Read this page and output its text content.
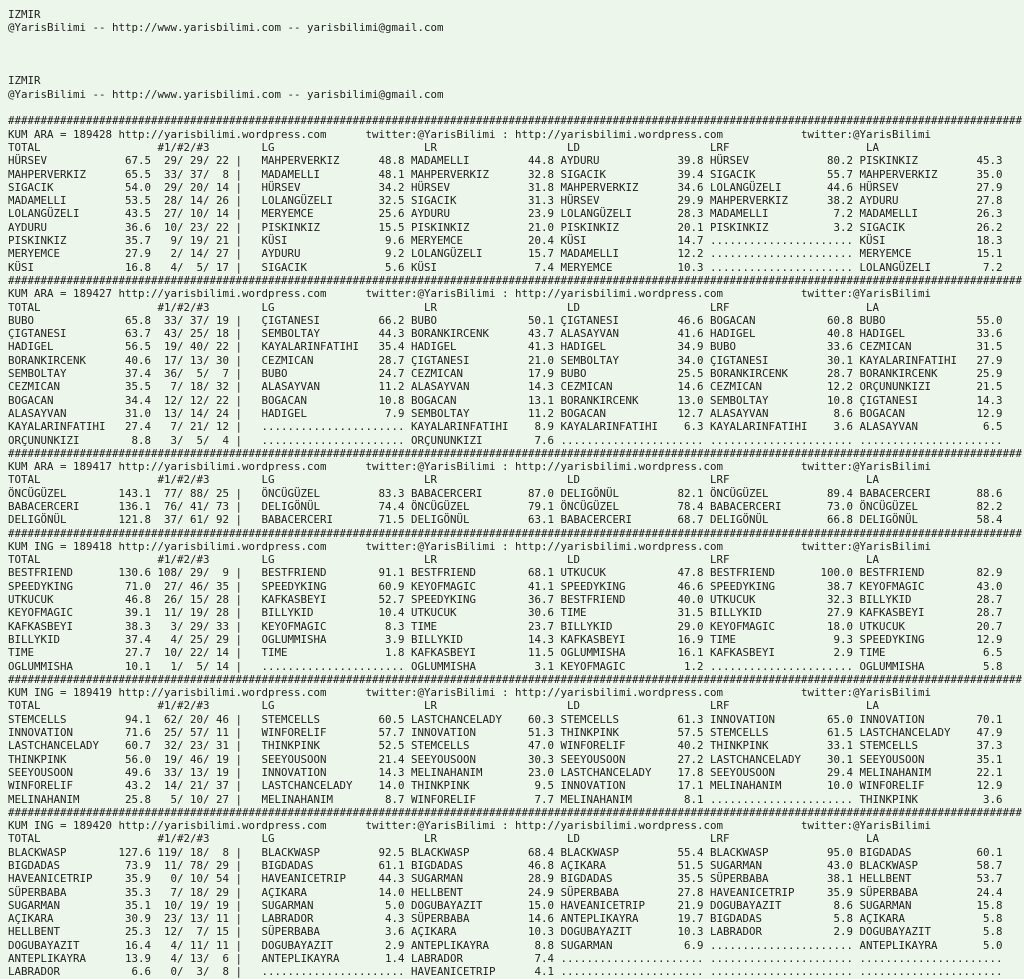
IZMIR
@YarisBilimi -- http://www.yarisbilimi.com -- yarisbilimi@gmail.com
IZMIR
@YarisBilimi -- http://www.yarisbilimi.com -- yarisbilimi@gmail.com
############################################################################################################################################################
KUM ARA = 189428 http://yarisbilimi.wordpress.com      twitter:@YarisBilimi : http://yarisbilimi.wordpress.com            twitter:@YarisBilimi
TOTAL                  #1/#2/#3        LG                       LR                    LD                    LRF                     LA
HÜRSEV            67.5  29/ 29/ 22 |   MAHPERVERKIZ      48.8 MADAMELLI         44.8 AYDURU            39.8 HÜRSEV            80.2 PISKINKIZ         45.3
MAHPERVERKIZ      65.5  33/ 37/  8 |   MADAMELLI         48.1 MAHPERVERKIZ      32.8 SIGACIK           39.4 SIGACIK           55.7 MAHPERVERKIZ      35.0
SIGACIK           54.0  29/ 20/ 14 |   HÜRSEV            34.2 HÜRSEV            31.8 MAHPERVERKIZ      34.6 LOLANGÜZELI       44.6 HÜRSEV            27.9
MADAMELLI         53.5  28/ 14/ 26 |   LOLANGÜZELI       32.5 SIGACIK           31.3 HÜRSEV            29.9 MAHPERVERKIZ      38.2 AYDURU            27.8
LOLANGÜZELI       43.5  27/ 10/ 14 |   MERYEMCE          25.6 AYDURU            23.9 LOLANGÜZELI       28.3 MADAMELLI          7.2 MADAMELLI         26.3
AYDURU            36.6  10/ 23/ 22 |   PISKINKIZ         15.5 PISKINKIZ         21.0 PISKINKIZ         20.1 PISKINKIZ          3.2 SIGACIK           26.2
PISKINKIZ         35.7   9/ 19/ 21 |   KÜSI               9.6 MERYEMCE          20.4 KÜSI              14.7 ...................... KÜSI              18.3
MERYEMCE          27.9   2/ 14/ 27 |   AYDURU             9.2 LOLANGÜZELI       15.7 MADAMELLI         12.2 ...................... MERYEMCE          15.1
KÜSI              16.8   4/  5/ 17 |   SIGACIK            5.6 KÜSI               7.4 MERYEMCE          10.3 ...................... LOLANGÜZELI        7.2
############################################################################################################################################################
KUM ARA = 189427 http://yarisbilimi.wordpress.com      twitter:@YarisBilimi : http://yarisbilimi.wordpress.com            twitter:@YarisBilimi
TOTAL                  #1/#2/#3        LG                       LR                    LD                    LRF                     LA
BUBO              65.8  33/ 37/ 19 |   ÇIGTANESI         66.2 BUBO              50.1 ÇIGTANESI         46.6 BOGACAN           60.8 BUBO              55.0
ÇIGTANESI         63.7  43/ 25/ 18 |   SEMBOLTAY         44.3 BORANKIRCENK      43.7 ALASAYVAN         41.6 HADIGEL           40.8 HADIGEL           33.6
HADIGEL           56.5  19/ 40/ 22 |   KAYALARINFATIHI   35.4 HADIGEL           41.3 HADIGEL           34.9 BUBO              33.6 CEZMICAN          31.5
BORANKIRCENK      40.6  17/ 13/ 30 |   CEZMICAN          28.7 ÇIGTANESI         21.0 SEMBOLTAY         34.0 ÇIGTANESI         30.1 KAYALARINFATIHI   27.9
SEMBOLTAY         37.4  36/  5/  7 |   BUBO              24.7 CEZMICAN          17.9 BUBO              25.5 BORANKIRCENK      28.7 BORANKIRCENK      25.9
CEZMICAN          35.5   7/ 18/ 32 |   ALASAYVAN         11.2 ALASAYVAN         14.3 CEZMICAN          14.6 CEZMICAN          12.2 ORÇUNUNKIZI       21.5
BOGACAN           34.4  12/ 12/ 22 |   BOGACAN           10.8 BOGACAN           13.1 BORANKIRCENK      13.0 SEMBOLTAY         10.8 ÇIGTANESI         14.3
ALASAYVAN         31.0  13/ 14/ 24 |   HADIGEL            7.9 SEMBOLTAY         11.2 BOGACAN           12.7 ALASAYVAN          8.6 BOGACAN           12.9
KAYALARINFATIHI   27.4   7/ 21/ 12 |   ...................... KAYALARINFATIHI    8.9 KAYALARINFATIHI    6.3 KAYALARINFATIHI    3.6 ALASAYVAN          6.5
ORÇUNUNKIZI        8.8   3/  5/  4 |   ...................... ORÇUNUNKIZI        7.6 ...................... ...................... ......................
############################################################################################################################################################
KUM ARA = 189417 http://yarisbilimi.wordpress.com      twitter:@YarisBilimi : http://yarisbilimi.wordpress.com            twitter:@YarisBilimi
TOTAL                  #1/#2/#3        LG                       LR                    LD                    LRF                     LA
ÖNCÜGÜZEL        143.1  77/ 88/ 25 |   ÖNCÜGÜZEL         83.3 BABACERCERI       87.0 DELIGÖNÜL         82.1 ÖNCÜGÜZEL         89.4 BABACERCERI       88.6
BABACERCERI      136.1  76/ 41/ 73 |   DELIGÖNÜL         74.4 ÖNCÜGÜZEL         79.1 ÖNCÜGÜZEL         78.4 BABACERCERI       73.0 ÖNCÜGÜZEL         82.2
DELIGÖNÜL        121.8  37/ 61/ 92 |   BABACERCERI       71.5 DELIGÖNÜL         63.1 BABACERCERI       68.7 DELIGÖNÜL         66.8 DELIGÖNÜL         58.4
############################################################################################################################################################
KUM ING = 189418 http://yarisbilimi.wordpress.com      twitter:@YarisBilimi : http://yarisbilimi.wordpress.com            twitter:@YarisBilimi
TOTAL                  #1/#2/#3        LG                       LR                    LD                    LRF                     LA
BESTFRIEND       130.6 108/ 29/  9 |   BESTFRIEND        91.1 BESTFRIEND        68.1 UTKUCUK           47.8 BESTFRIEND       100.0 BESTFRIEND        82.9
SPEEDYKING        71.0  27/ 46/ 35 |   SPEEDYKING        60.9 KEYOFMAGIC        41.1 SPEEDYKING        46.6 SPEEDYKING        38.7 KEYOFMAGIC        43.0
UTKUCUK           46.8  26/ 15/ 28 |   KAFKASBEYI        52.7 SPEEDYKING        36.7 BESTFRIEND        40.0 UTKUCUK           32.3 BILLYKID          28.7
KEYOFMAGIC        39.1  11/ 19/ 28 |   BILLYKID          10.4 UTKUCUK           30.6 TIME              31.5 BILLYKID          27.9 KAFKASBEYI        28.7
KAFKASBEYI        38.3   3/ 29/ 33 |   KEYOFMAGIC         8.3 TIME              23.7 BILLYKID          29.0 KEYOFMAGIC        18.0 UTKUCUK           20.7
BILLYKID          37.4   4/ 25/ 29 |   OGLUMMISHA         3.9 BILLYKID          14.3 KAFKASBEYI        16.9 TIME               9.3 SPEEDYKING        12.9
TIME              27.7  10/ 22/ 14 |   TIME               1.8 KAFKASBEYI        11.5 OGLUMMISHA        16.1 KAFKASBEYI         2.9 TIME               6.5
OGLUMMISHA        10.1   1/  5/ 14 |   ...................... OGLUMMISHA         3.1 KEYOFMAGIC         1.2 ...................... OGLUMMISHA         5.8
############################################################################################################################################################
KUM ING = 189419 http://yarisbilimi.wordpress.com      twitter:@YarisBilimi : http://yarisbilimi.wordpress.com            twitter:@YarisBilimi
TOTAL                  #1/#2/#3        LG                       LR                    LD                    LRF                     LA
STEMCELLS         94.1  62/ 20/ 46 |   STEMCELLS         60.5 LASTCHANCELADY    60.3 STEMCELLS         61.3 INNOVATION        65.0 INNOVATION        70.1
INNOVATION        71.6  25/ 57/ 11 |   WINFORELIF        57.7 INNOVATION        51.3 THINKPINK         57.5 STEMCELLS         61.5 LASTCHANCELADY    47.9
LASTCHANCELADY    60.7  32/ 23/ 31 |   THINKPINK         52.5 STEMCELLS         47.0 WINFORELIF        40.2 THINKPINK         33.1 STEMCELLS         37.3
THINKPINK         56.0  19/ 46/ 19 |   SEEYOUSOON        21.4 SEEYOUSOON        30.3 SEEYOUSOON        27.2 LASTCHANCELADY    30.1 SEEYOUSOON        35.1
SEEYOUSOON        49.6  33/ 13/ 19 |   INNOVATION        14.3 MELINAHANIM       23.0 LASTCHANCELADY    17.8 SEEYOUSOON        29.4 MELINAHANIM       22.1
WINFORELIF        43.2  14/ 21/ 37 |   LASTCHANCELADY    14.0 THINKPINK          9.5 INNOVATION        17.1 MELINAHANIM       10.0 WINFORELIF        12.9
MELINAHANIM       25.8   5/ 10/ 27 |   MELINAHANIM        8.7 WINFORELIF         7.7 MELINAHANIM        8.1 ...................... THINKPINK          3.6
############################################################################################################################################################
KUM ING = 189420 http://yarisbilimi.wordpress.com      twitter:@YarisBilimi : http://yarisbilimi.wordpress.com            twitter:@YarisBilimi
TOTAL                  #1/#2/#3        LG                       LR                    LD                    LRF                     LA
BLACKWASP        127.6 119/ 18/  8 |   BLACKWASP         92.5 BLACKWASP         68.4 BLACKWASP         55.4 BLACKWASP         95.0 BIGDADAS          60.1
BIGDADAS          73.9  11/ 78/ 29 |   BIGDADAS          61.1 BIGDADAS          46.8 AÇIKARA           51.5 SUGARMAN          43.0 BLACKWASP         58.7
HAVEANICETRIP     35.9   0/ 10/ 54 |   HAVEANICETRIP     44.3 SUGARMAN          28.9 BIGDADAS          35.5 SÜPERBABA         38.1 HELLBENT          53.7
SÜPERBABA         35.3   7/ 18/ 29 |   AÇIKARA           14.0 HELLBENT          24.9 SÜPERBABA         27.8 HAVEANICETRIP     35.9 SÜPERBABA         24.4
SUGARMAN          35.1  10/ 19/ 19 |   SUGARMAN           5.0 DOGUBAYAZIT       15.0 HAVEANICETRIP     21.9 DOGUBAYAZIT        8.6 SUGARMAN          15.8
AÇIKARA           30.9  23/ 13/ 11 |   LABRADOR           4.3 SÜPERBABA         14.6 ANTEPLIKAYRA      19.7 BIGDADAS           5.8 AÇIKARA            5.8
HELLBENT          25.3  12/  7/ 15 |   SÜPERBABA          3.6 AÇIKARA           10.3 DOGUBAYAZIT       10.3 LABRADOR           2.9 DOGUBAYAZIT        5.8
DOGUBAYAZIT       16.4   4/ 11/ 11 |   DOGUBAYAZIT        2.9 ANTEPLIKAYRA       8.8 SUGARMAN           6.9 ...................... ANTEPLIKAYRA       5.0
ANTEPLIKAYRA      13.9   4/ 13/  6 |   ANTEPLIKAYRA       1.4 LABRADOR           7.4 ...................... ...................... ......................
LABRADOR           6.6   0/  3/  8 |   ...................... HAVEANICETRIP      4.1 ...................... ...................... ......................
